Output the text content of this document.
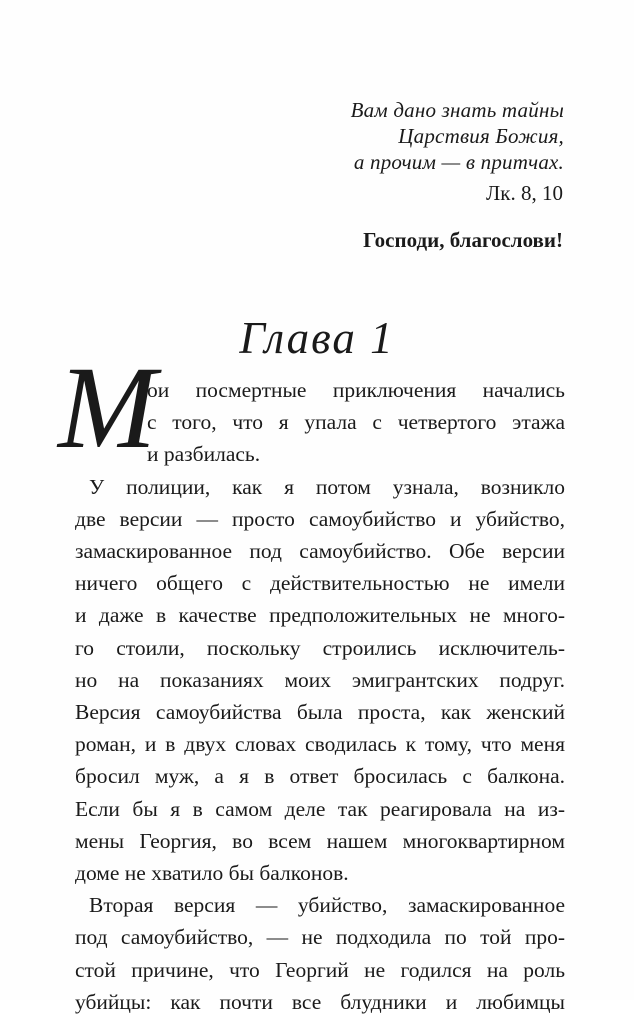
Вам дано знать тайны
Царствия Божия,
а прочим — в притчах.
Лк. 8, 10
Господи, благослови!
Глава 1
М
ои посмертные приключения начались
с того, что я упала с четвертого этажа
и разбилась.
У полиции, как я потом узнала, возникло
две версии — просто самоубийство и убийство,
замаскированное под самоубийство. Обе версии
ничего общего с действительностью не имели
и даже в качестве предположительных не много-
го стоили, поскольку строились исключитель-
но на показаниях моих эмигрантских подруг.
Версия самоубийства была проста, как женский
роман, и в двух словах сводилась к тому, что меня
бросил муж, а я в ответ бросилась с балкона.
Если бы я в самом деле так реагировала на из-
мены Георгия, во всем нашем многоквартирном
доме не хватило бы балконов.
Вторая версия — убийство, замаскированное
под самоубийство, — не подходила по той про-
стой причине, что Георгий не годился на роль
убийцы: как почти все блудники и любимцы
